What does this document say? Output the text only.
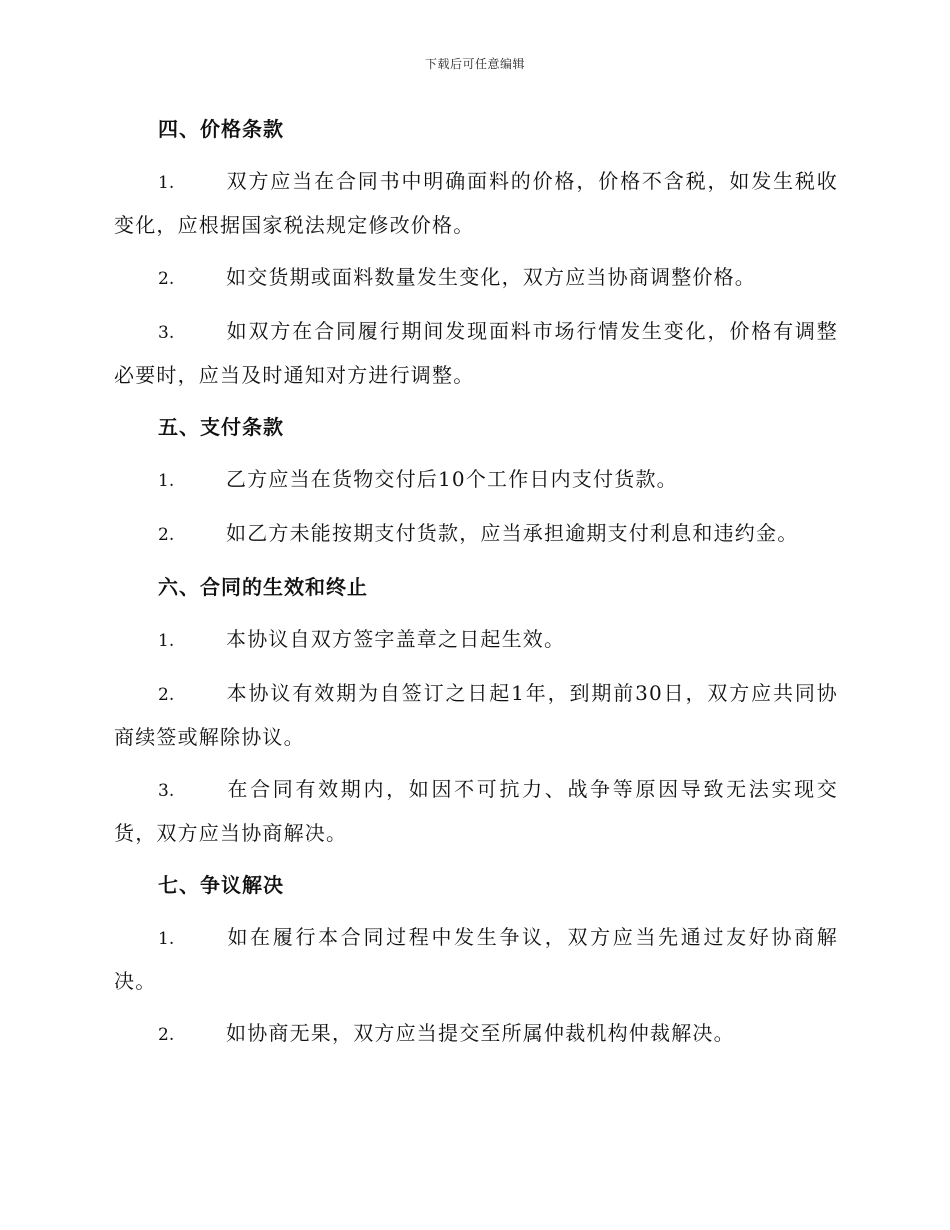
下载后可任意编辑
四、价格条款
1.	双方应当在合同书中明确面料的价格，价格不含税，如发生税收变化，应根据国家税法规定修改价格。
2.	如交货期或面料数量发生变化，双方应当协商调整价格。
3.	如双方在合同履行期间发现面料市场行情发生变化，价格有调整必要时，应当及时通知对方进行调整。
五、支付条款
1.	乙方应当在货物交付后10个工作日内支付货款。
2.	如乙方未能按期支付货款，应当承担逾期支付利息和违约金。
六、合同的生效和终止
1.	本协议自双方签字盖章之日起生效。
2.	本协议有效期为自签订之日起1年，到期前30日，双方应共同协商续签或解除协议。
3.	在合同有效期内，如因不可抗力、战争等原因导致无法实现交货，双方应当协商解决。
七、争议解决
1.	如在履行本合同过程中发生争议，双方应当先通过友好协商解决。
2.	如协商无果，双方应当提交至所属仲裁机构仲裁解决。
